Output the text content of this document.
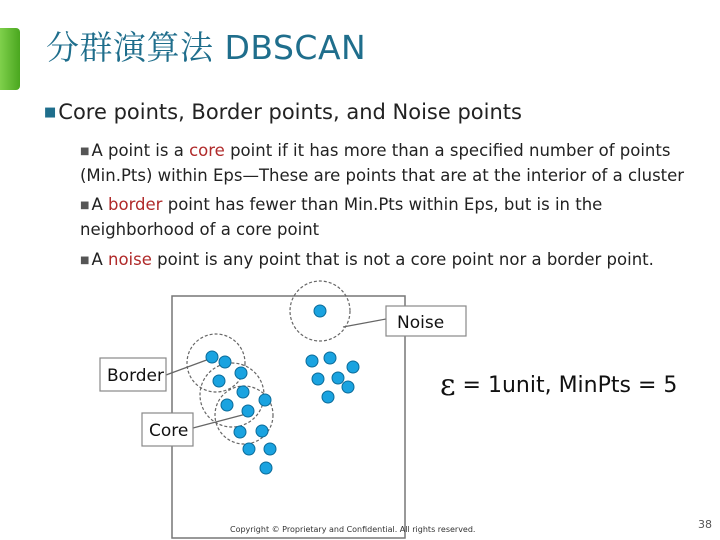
分群演算法 DBSCAN
■Core points, Border points, and Noise points
■ A point is a core point if it has more than a specified number of points (Min.Pts) within Eps—These are points that are at the interior of a cluster
■ A border point has fewer than Min.Pts within Eps, but is in the neighborhood of a core point
■ A noise point is any point that is not a core point nor a border point.
Noise
Border
Core
ε = 1unit, MinPts = 5
Copyright © Proprietary and Confidential. All rights reserved.	38
